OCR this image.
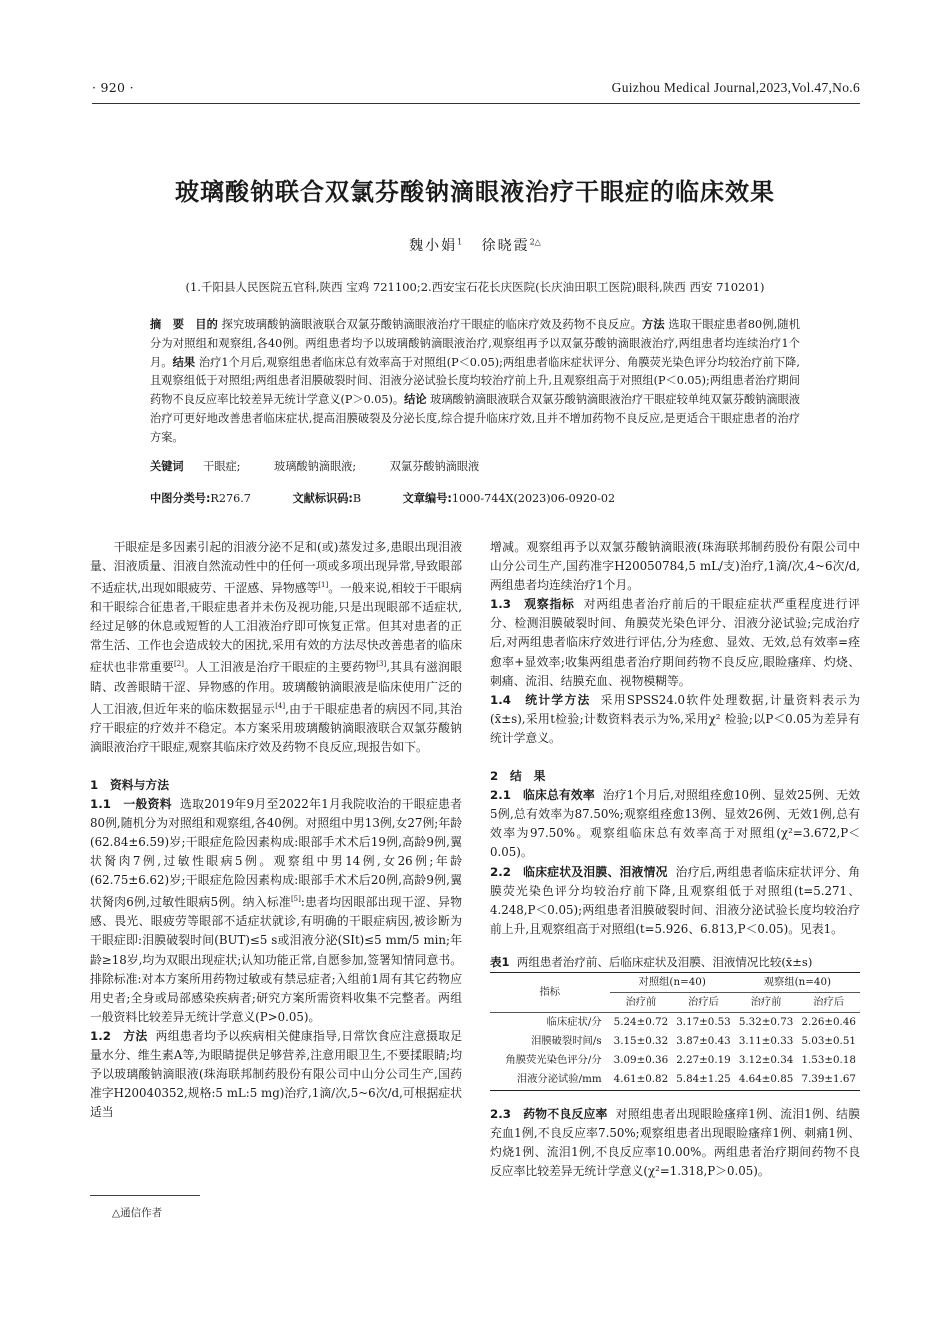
· 920 ·	Guizhou Medical Journal,2023,Vol.47,No.6
玻璃酸钠联合双氯芬酸钠滴眼液治疗干眼症的临床效果
魏小娟$^1$ 徐晓霞$^{2\triangle}$
(1.千阳县人民医院五官科,陕西 宝鸡 721100;2.西安宝石花长庆医院(长庆油田职工医院)眼科,陕西 西安 710201)
摘　要 目的 探究玻璃酸钠滴眼液联合双氯芬酸钠滴眼液治疗干眼症的临床疗效及药物不良反应。方法 选取干眼症患者80例,随机分为对照组和观察组,各40例。两组患者均予以玻璃酸钠滴眼液治疗,观察组再予以双氯芬酸钠滴眼液治疗,两组患者均连续治疗1个月。结果 治疗1个月后,观察组患者临床总有效率高于对照组(P＜0.05);两组患者临床症状评分、角膜荧光染色评分均较治疗前下降,且观察组低于对照组;两组患者泪膜破裂时间、泪液分泌试验长度均较治疗前上升,且观察组高于对照组(P＜0.05);两组患者治疗期间药物不良反应率比较差异无统计学意义(P＞0.05)。结论 玻璃酸钠滴眼液联合双氯芬酸钠滴眼液治疗干眼症较单纯双氯芬酸钠滴眼液治疗可更好地改善患者临床症状,提高泪膜破裂及分泌长度,综合提升临床疗效,且并不增加药物不良反应,是更适合干眼症患者的治疗方案。
关键词 干眼症;	玻璃酸钠滴眼液;	双氯芬酸钠滴眼液
中图分类号:R276.7	文献标识码:B	文章编号:1000-744X(2023)06-0920-02

干眼症是多因素引起的泪液分泌不足和(或)蒸发过多,患眼出现泪液量、泪液质量、泪液自然流动性中的任何一项或多项出现异常,导致眼部不适症状,出现如眼疲劳、干涩感、异物感等[1]。一般来说,相较于干眼病和干眼综合征患者,干眼症患者并未伤及视功能,只是出现眼部不适症状,经过足够的休息或短暂的人工泪液治疗即可恢复正常。但其对患者的正常生活、工作也会造成较大的困扰,采用有效的方法尽快改善患者的临床症状也非常重要[2]。人工泪液是治疗干眼症的主要药物[3],其具有滋润眼睛、改善眼睛干涩、异物感的作用。玻璃酸钠滴眼液是临床使用广泛的人工泪液,但近年来的临床数据显示[4],由于干眼症患者的病因不同,其治疗干眼症的疗效并不稳定。本方案采用玻璃酸钠滴眼液联合双氯芬酸钠滴眼液治疗干眼症,观察其临床疗效及药物不良反应,现报告如下。

1　资料与方法

1.1　一般资料 选取2019年9月至2022年1月我院收治的干眼症患者80例,随机分为对照组和观察组,各40例。对照组中男13例,女27例;年龄(62.84±6.59)岁;干眼症危险因素构成:眼部手术术后19例,高龄9例,翼状胬肉7例,过敏性眼病5例。观察组中男14例,女26例;年龄(62.75±6.62)岁;干眼症危险因素构成:眼部手术术后20例,高龄9例,翼状胬肉6例,过敏性眼病5例。纳入标准[5]:患者均因眼部出现干涩、异物感、畏光、眼疲劳等眼部不适症状就诊,有明确的干眼症病因,被诊断为干眼症即:泪膜破裂时间(BUT)≤5 s或泪液分泌(SIt)≤5 mm/5 min;年龄≥18岁,均为双眼出现症状;认知功能正常,自愿参加,签署知情同意书。排除标准:对本方案所用药物过敏或有禁忌症者;入组前1周有其它药物应用史者;全身或局部感染疾病者;研究方案所需资料收集不完整者。两组一般资料比较差异无统计学意义(P>0.05)。

1.2　方法 两组患者均予以疾病相关健康指导,日常饮食应注意摄取足量水分、维生素A等,为眼睛提供足够营养,注意用眼卫生,不要揉眼睛;均予以玻璃酸钠滴眼液(珠海联邦制药股份有限公司中山分公司生产,国药准字H20040352,规格:5 mL:5 mg)治疗,1滴/次,5~6次/d,可根据症状适当

增减。观察组再予以双氯芬酸钠滴眼液(珠海联邦制药股份有限公司中山分公司生产,国药准字H20050784,5 mL/支)治疗,1滴/次,4~6次/d,两组患者均连续治疗1个月。

1.3　观察指标 对两组患者治疗前后的干眼症症状严重程度进行评分、检测泪膜破裂时间、角膜荧光染色评分、泪液分泌试验;完成治疗后,对两组患者临床疗效进行评估,分为痊愈、显效、无效,总有效率=痊愈率+显效率;收集两组患者治疗期间药物不良反应,眼睑瘙痒、灼烧、刺痛、流泪、结膜充血、视物模糊等。

1.4　统计学方法 采用SPSS24.0软件处理数据,计量资料表示为(x̄±s),采用t检验;计数资料表示为%,采用χ² 检验;以P＜0.05为差异有统计学意义。

2　结　果

2.1　临床总有效率 治疗1个月后,对照组痊愈10例、显效25例、无效5例,总有效率为87.50%;观察组痊愈13例、显效26例、无效1例,总有效率为97.50%。观察组临床总有效率高于对照组(χ²=3.672,P＜0.05)。

2.2　临床症状及泪膜、泪液情况 治疗后,两组患者临床症状评分、角膜荧光染色评分均较治疗前下降,且观察组低于对照组(t=5.271、4.248,P＜0.05);两组患者泪膜破裂时间、泪液分泌试验长度均较治疗前上升,且观察组高于对照组(t=5.926、6.813,P＜0.05)。见表1。

表1 两组患者治疗前、后临床症状及泪膜、泪液情况比较(x̄±s)
指标	对照组(n=40)		观察组(n=40)	
	治疗前	治疗后	治疗前	治疗后
临床症状/分	5.24±0.72	3.17±0.53	5.32±0.73	2.26±0.46
泪膜破裂时间/s	3.15±0.32	3.87±0.43	3.11±0.33	5.03±0.51
角膜荧光染色评分/分	3.09±0.36	2.27±0.19	3.12±0.34	1.53±0.18
泪液分泌试验/mm	4.61±0.82	5.84±1.25	4.64±0.85	7.39±1.67

2.3　药物不良反应率 对照组患者出现眼睑瘙痒1例、流泪1例、结膜充血1例,不良反应率7.50%;观察组患者出现眼睑瘙痒1例、刺痛1例、灼烧1例、流泪1例,不良反应率10.00%。两组患者治疗期间药物不良反应率比较差异无统计学意义(χ²=1.318,P＞0.05)。

△通信作者
